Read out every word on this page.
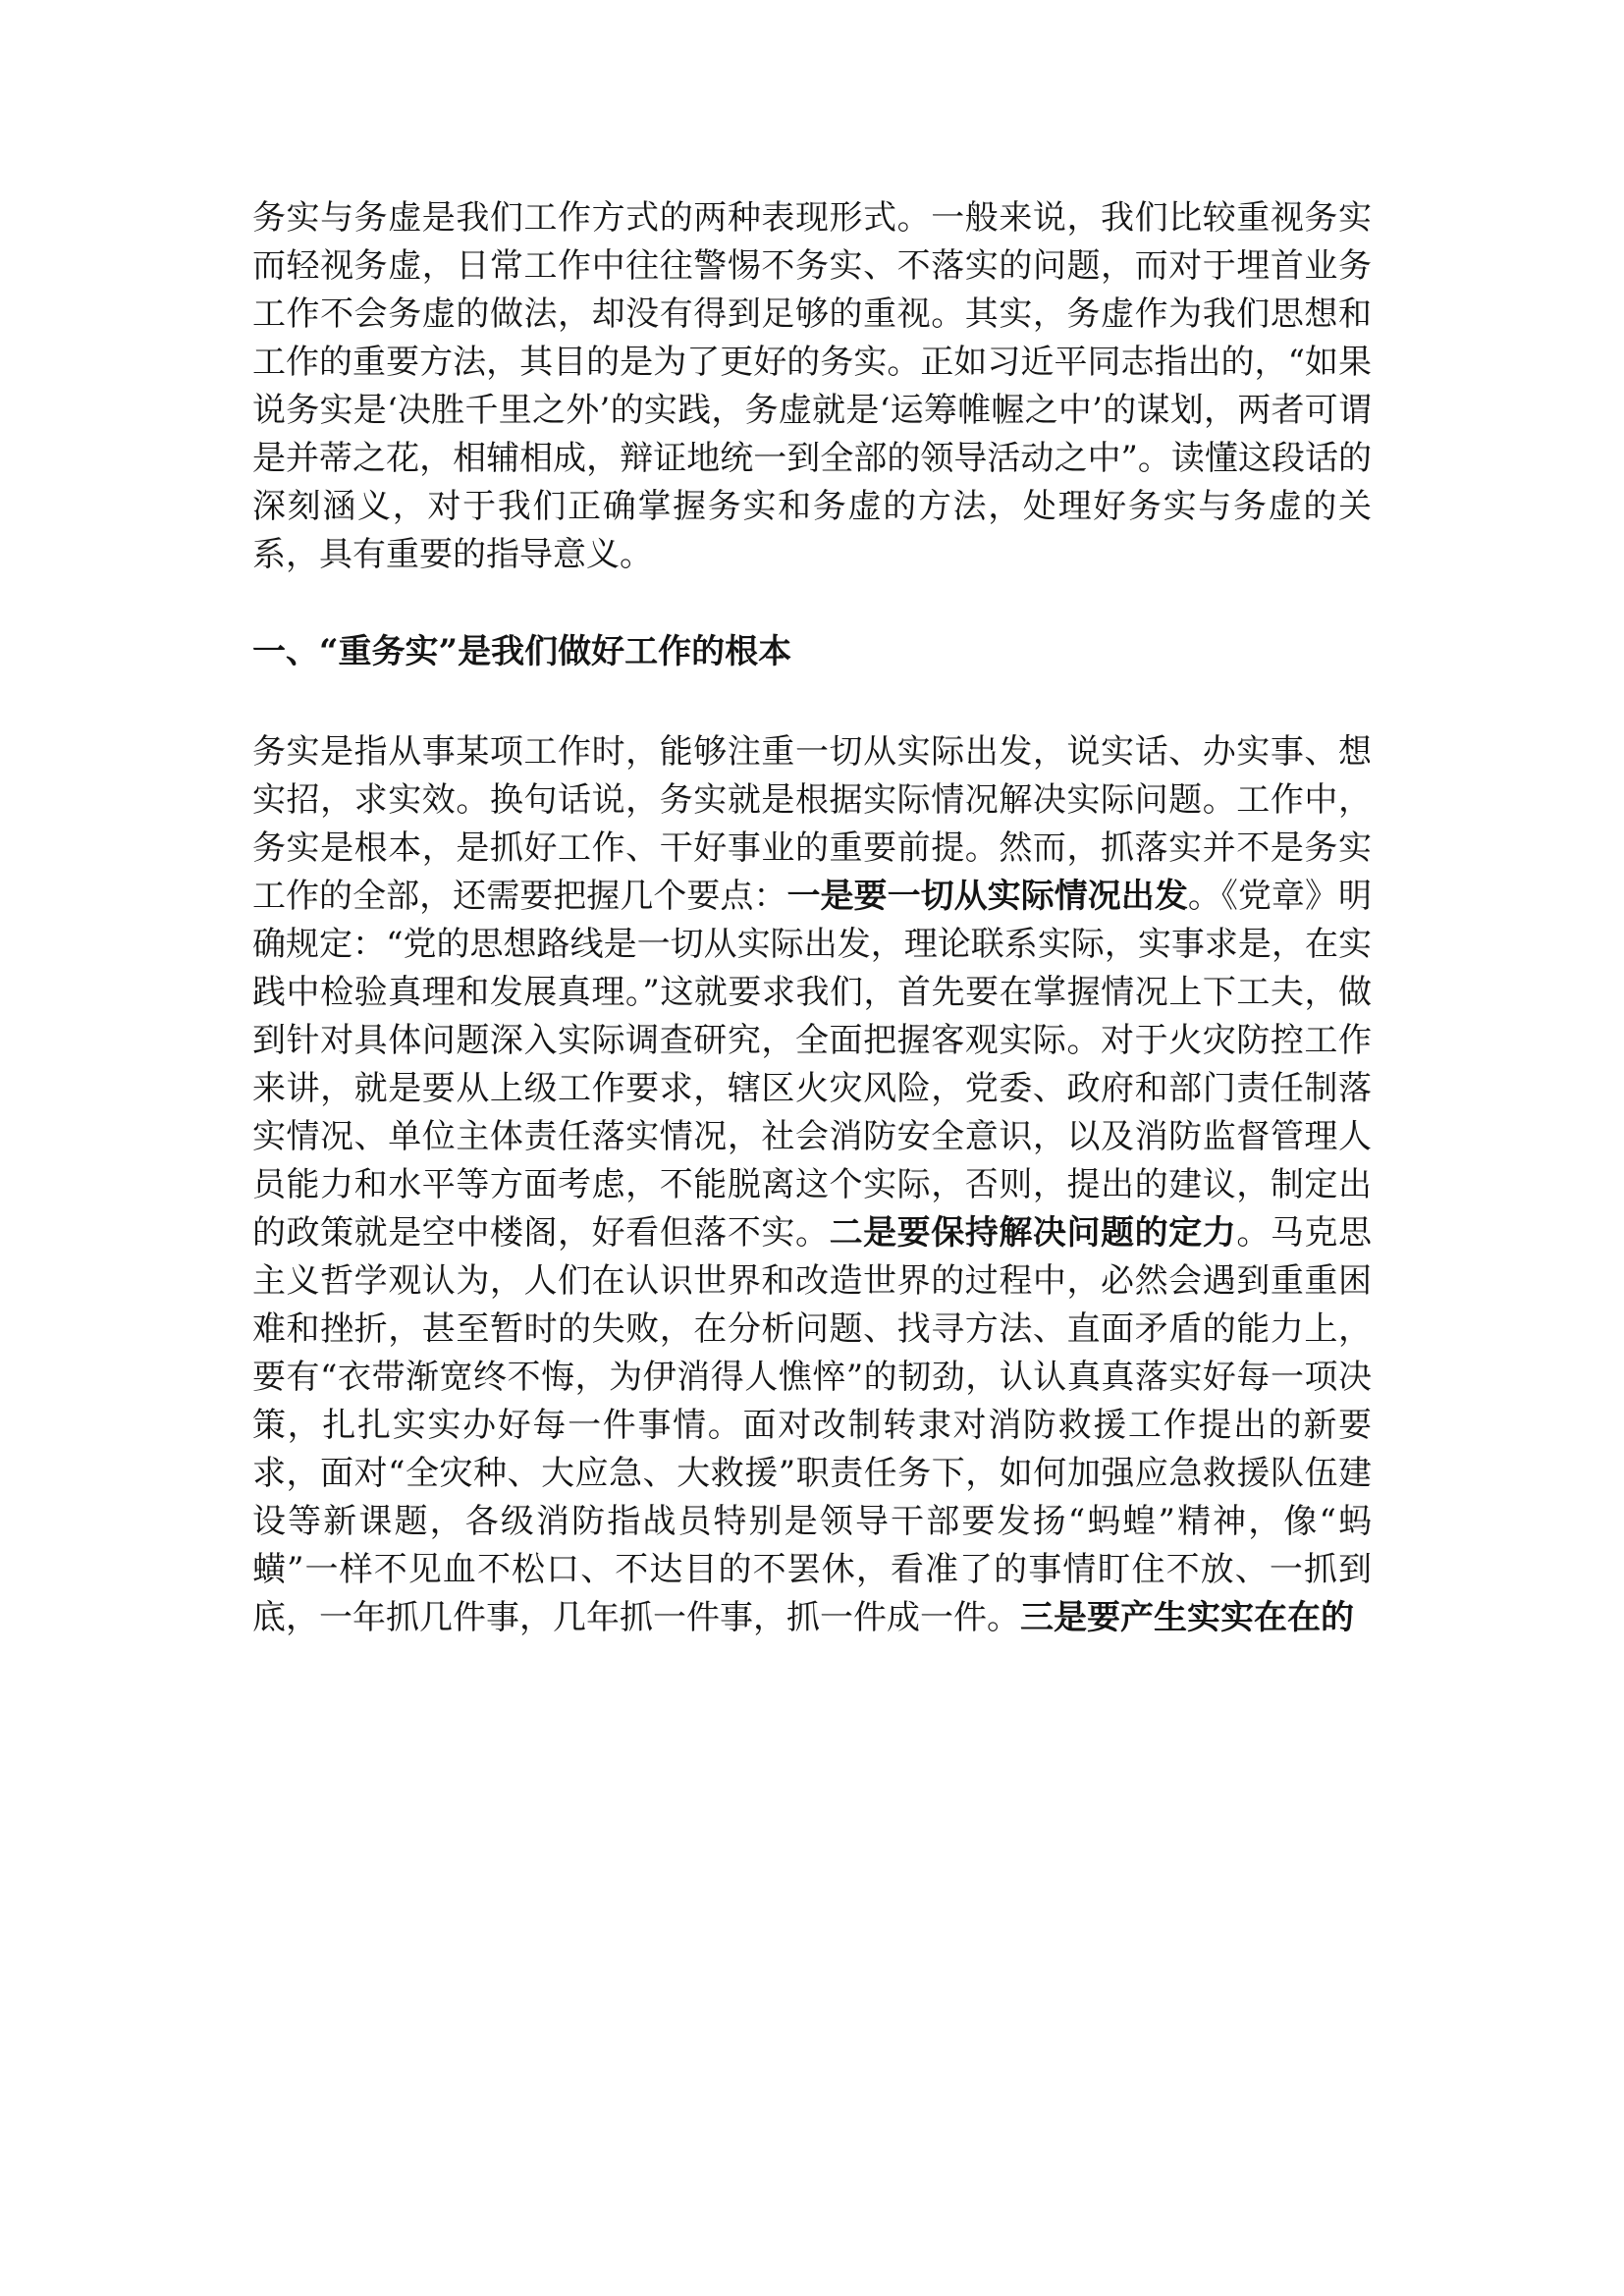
务实与务虚是我们工作方式的两种表现形式。一般来说，我们比较重视务实而轻视务虚，日常工作中往往警惕不务实、不落实的问题，而对于埋首业务工作不会务虚的做法，却没有得到足够的重视。其实，务虚作为我们思想和工作的重要方法，其目的是为了更好的务实。正如习近平同志指出的，“如果说务实是‘决胜千里之外’的实践，务虚就是‘运筹帷幄之中’的谋划，两者可谓是并蒂之花，相辅相成，辩证地统一到全部的领导活动之中”。读懂这段话的深刻涵义，对于我们正确掌握务实和务虚的方法，处理好务实与务虚的关系，具有重要的指导意义。

一、“重务实”是我们做好工作的根本

务实是指从事某项工作时，能够注重一切从实际出发，说实话、办实事、想实招，求实效。换句话说，务实就是根据实际情况解决实际问题。工作中，务实是根本，是抓好工作、干好事业的重要前提。然而，抓落实并不是务实工作的全部，还需要把握几个要点：一是要一切从实际情况出发。《党章》明确规定：“党的思想路线是一切从实际出发，理论联系实际，实事求是，在实践中检验真理和发展真理。”这就要求我们，首先要在掌握情况上下工夫，做到针对具体问题深入实际调查研究，全面把握客观实际。对于火灾防控工作来讲，就是要从上级工作要求，辖区火灾风险，党委、政府和部门责任制落实情况、单位主体责任落实情况，社会消防安全意识，以及消防监督管理人员能力和水平等方面考虑，不能脱离这个实际，否则，提出的建议，制定出的政策就是空中楼阁，好看但落不实。二是要保持解决问题的定力。马克思主义哲学观认为，人们在认识世界和改造世界的过程中，必然会遇到重重困难和挫折，甚至暂时的失败，在分析问题、找寻方法、直面矛盾的能力上，要有“衣带渐宽终不悔，为伊消得人憔悴”的韧劲，认认真真落实好每一项决策，扎扎实实办好每一件事情。面对改制转隶对消防救援工作提出的新要求，面对“全灾种、大应急、大救援”职责任务下，如何加强应急救援队伍建设等新课题，各级消防指战员特别是领导干部要发扬“蚂蝗”精神，像“蚂蟥”一样不见血不松口、不达目的不罢休，看准了的事情盯住不放、一抓到底，一年抓几件事，几年抓一件事，抓一件成一件。三是要产生实实在在的
